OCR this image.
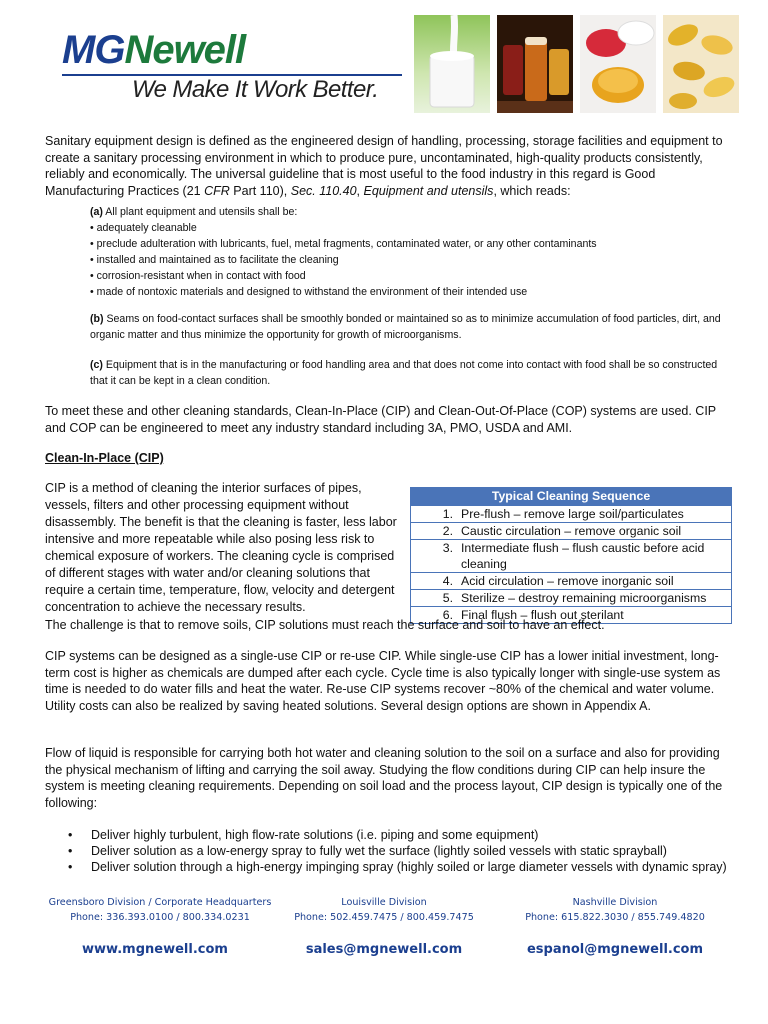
MGNewell
We Make It Work Better.
Sanitary equipment design is defined as the engineered design of handling, processing, storage facilities and equipment to create a sanitary processing environment in which to produce pure, uncontaminated, high-quality products consistently, reliably and economically. The universal guideline that is most useful to the food industry in this regard is Good Manufacturing Practices (21 CFR Part 110), Sec. 110.40, Equipment and utensils, which reads:

(a) All plant equipment and utensils shall be:

• adequately cleanable

• preclude adulteration with lubricants, fuel, metal fragments, contaminated water, or any other contaminants

• installed and maintained as to facilitate the cleaning

• corrosion-resistant when in contact with food

• made of nontoxic materials and designed to withstand the environment of their intended use

(b) Seams on food-contact surfaces shall be smoothly bonded or maintained so as to minimize accumulation of food particles, dirt, and organic matter and thus minimize the opportunity for growth of microorganisms.

(c) Equipment that is in the manufacturing or food handling area and that does not come into contact with food shall be so constructed that it can be kept in a clean condition.

To meet these and other cleaning standards, Clean-In-Place (CIP) and Clean-Out-Of-Place (COP) systems are used. CIP and COP can be engineered to meet any industry standard including 3A, PMO, USDA and AMI.
Clean-In-Place (CIP)
CIP is a method of cleaning the interior surfaces of pipes, vessels, filters and other processing equipment without disassembly. The benefit is that the cleaning is faster, less labor intensive and more repeatable while also posing less risk to chemical exposure of workers. The cleaning cycle is comprised of different stages with water and/or cleaning solutions that require a certain time, temperature, flow, velocity and detergent concentration to achieve the necessary results.
Typical Cleaning Sequence
1. Pre-flush – remove large soil/particulates
2. Caustic circulation – remove organic soil
3. Intermediate flush – flush caustic before acid cleaning
4. Acid circulation – remove inorganic soil
5. Sterilize – destroy remaining microorganisms
6. Final flush – flush out sterilant
The challenge is that to remove soils, CIP solutions must reach the surface and soil to have an effect.
CIP systems can be designed as a single-use CIP or re-use CIP. While single-use CIP has a lower initial investment, long-term cost is higher as chemicals are dumped after each cycle. Cycle time is also typically longer with single-use system as time is needed to do water fills and heat the water. Re-use CIP systems recover ~80% of the chemical and water volume. Utility costs can also be realized by saving heated solutions. Several design options are shown in Appendix A.
Flow of liquid is responsible for carrying both hot water and cleaning solution to the soil on a surface and also for providing the physical mechanism of lifting and carrying the soil away. Studying the flow conditions during CIP can help insure the system is meeting cleaning requirements. Depending on soil load and the process layout, CIP design is typically one of the following:
• Deliver highly turbulent, high flow-rate solutions (i.e. piping and some equipment)
• Deliver solution as a low-energy spray to fully wet the surface (lightly soiled vessels with static sprayball)
• Deliver solution through a high-energy impinging spray (highly soiled or large diameter vessels with dynamic spray)
Greensboro Division / Corporate Headquarters
Phone: 336.393.0100 / 800.334.0231
Louisville Division
Phone: 502.459.7475 / 800.459.7475
Nashville Division
Phone: 615.822.3030 / 855.749.4820
www.mgnewell.com	sales@mgnewell.com	espanol@mgnewell.com
